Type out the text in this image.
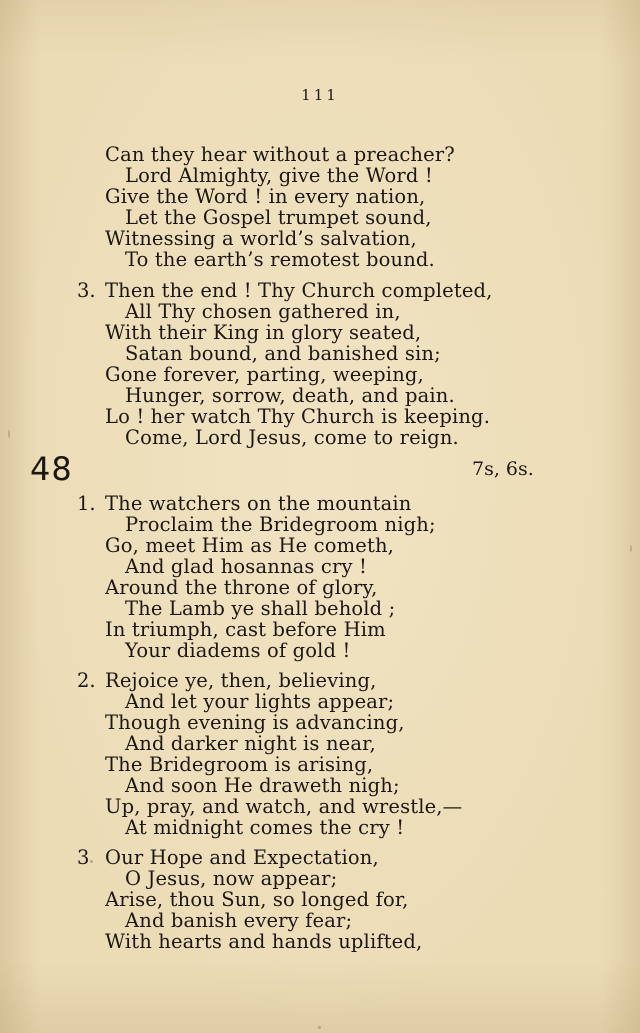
111
Can they hear without a preacher?
Lord Almighty, give the Word !
Give the Word ! in every nation,
Let the Gospel trumpet sound,
Witnessing a world’s salvation,
To the earth’s remotest bound.
3. Then the end ! Thy Church completed,
All Thy chosen gathered in,
With their King in glory seated,
Satan bound, and banished sin;
Gone forever, parting, weeping,
Hunger, sorrow, death, and pain.
Lo ! her watch Thy Church is keeping.
Come, Lord Jesus, come to reign.
48	7s, 6s.
1. The watchers on the mountain
Proclaim the Bridegroom nigh;
Go, meet Him as He cometh,
And glad hosannas cry !
Around the throne of glory,
The Lamb ye shall behold ;
In triumph, cast before Him
Your diadems of gold !
2. Rejoice ye, then, believing,
And let your lights appear;
Though evening is advancing,
And darker night is near,
The Bridegroom is arising,
And soon He draweth nigh;
Up, pray, and watch, and wrestle,—
At midnight comes the cry !
3 Our Hope and Expectation,
O Jesus, now appear;
Arise, thou Sun, so longed for,
And banish every fear;
With hearts and hands uplifted,
